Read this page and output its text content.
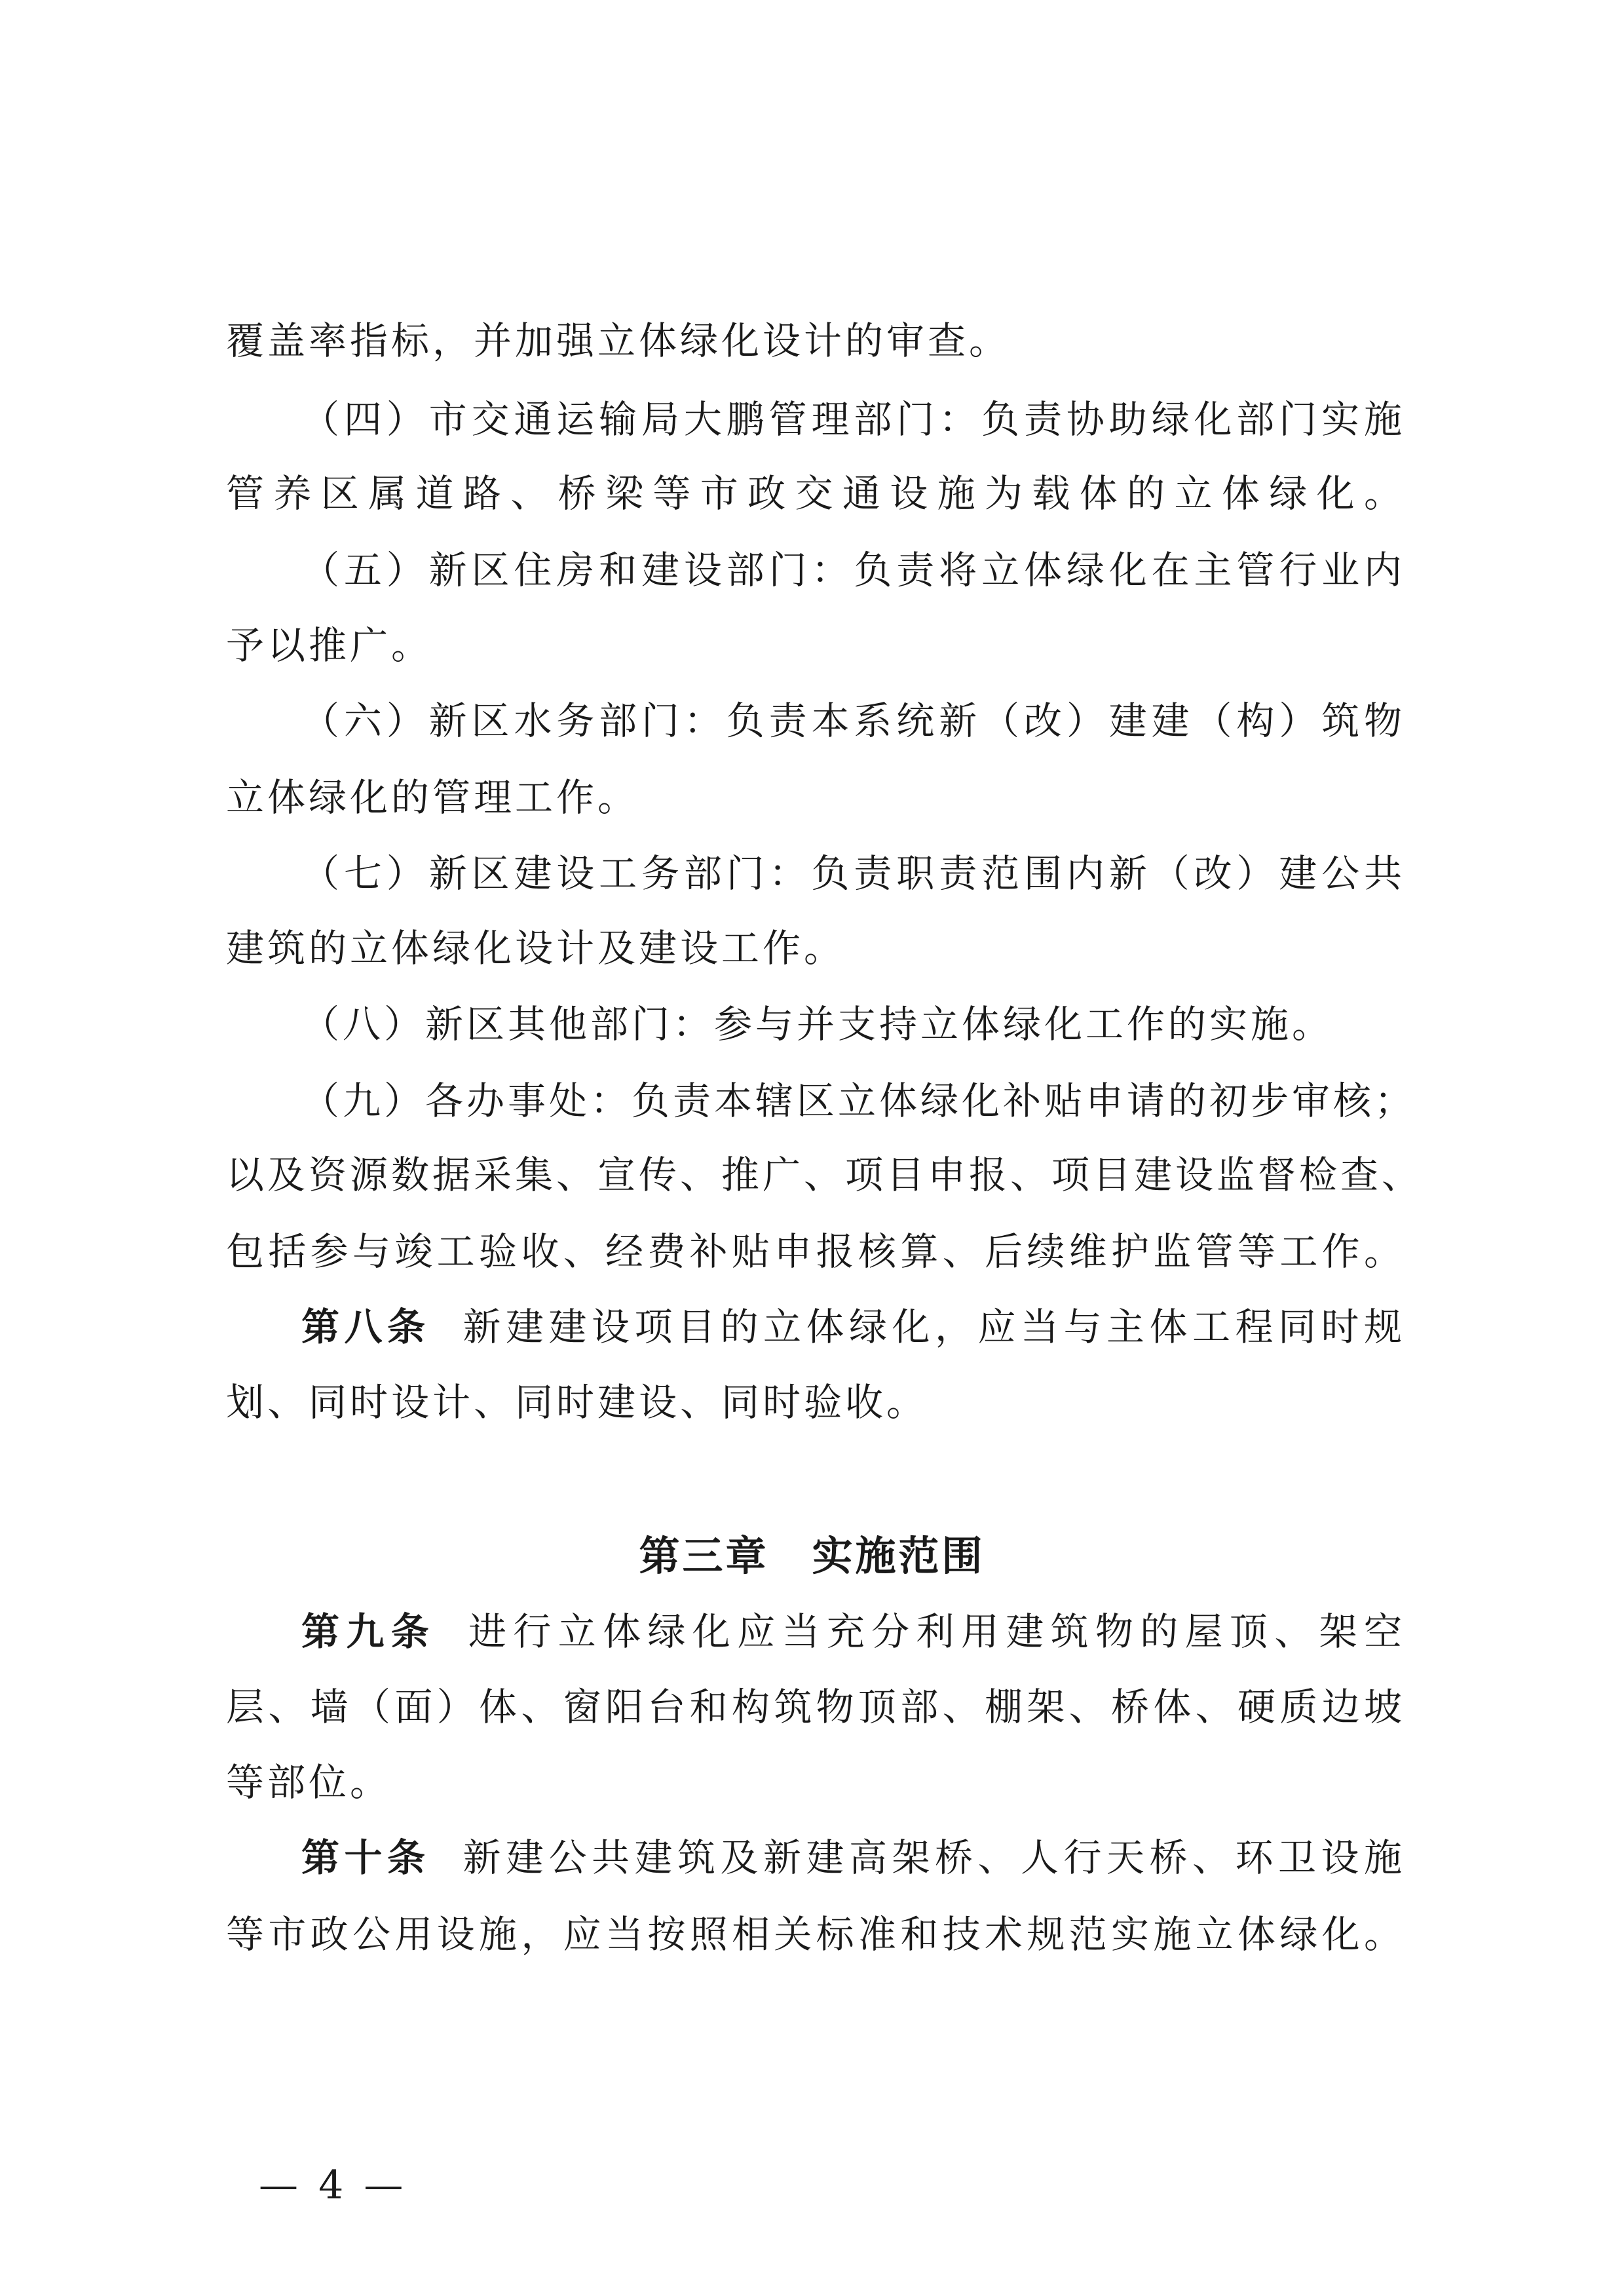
覆盖率指标，并加强立体绿化设计的审查。
（四）市交通运输局大鹏管理部门：负责协助绿化部门实施
管养区属道路、桥梁等市政交通设施为载体的立体绿化。
（五）新区住房和建设部门：负责将立体绿化在主管行业内
予以推广。
（六）新区水务部门：负责本系统新（改）建建（构）筑物
立体绿化的管理工作。
（七）新区建设工务部门：负责职责范围内新（改）建公共
建筑的立体绿化设计及建设工作。
（八）新区其他部门：参与并支持立体绿化工作的实施。
（九）各办事处：负责本辖区立体绿化补贴申请的初步审核；
以及资源数据采集、宣传、推广、项目申报、项目建设监督检查、
包括参与竣工验收、经费补贴申报核算、后续维护监管等工作。
第八条 新建建设项目的立体绿化，应当与主体工程同时规
划、同时设计、同时建设、同时验收。
第三章　实施范围
第九条 进行立体绿化应当充分利用建筑物的屋顶、架空
层、墙（面）体、窗阳台和构筑物顶部、棚架、桥体、硬质边坡
等部位。
第十条 新建公共建筑及新建高架桥、人行天桥、环卫设施
等市政公用设施，应当按照相关标准和技术规范实施立体绿化。
— 4 —
